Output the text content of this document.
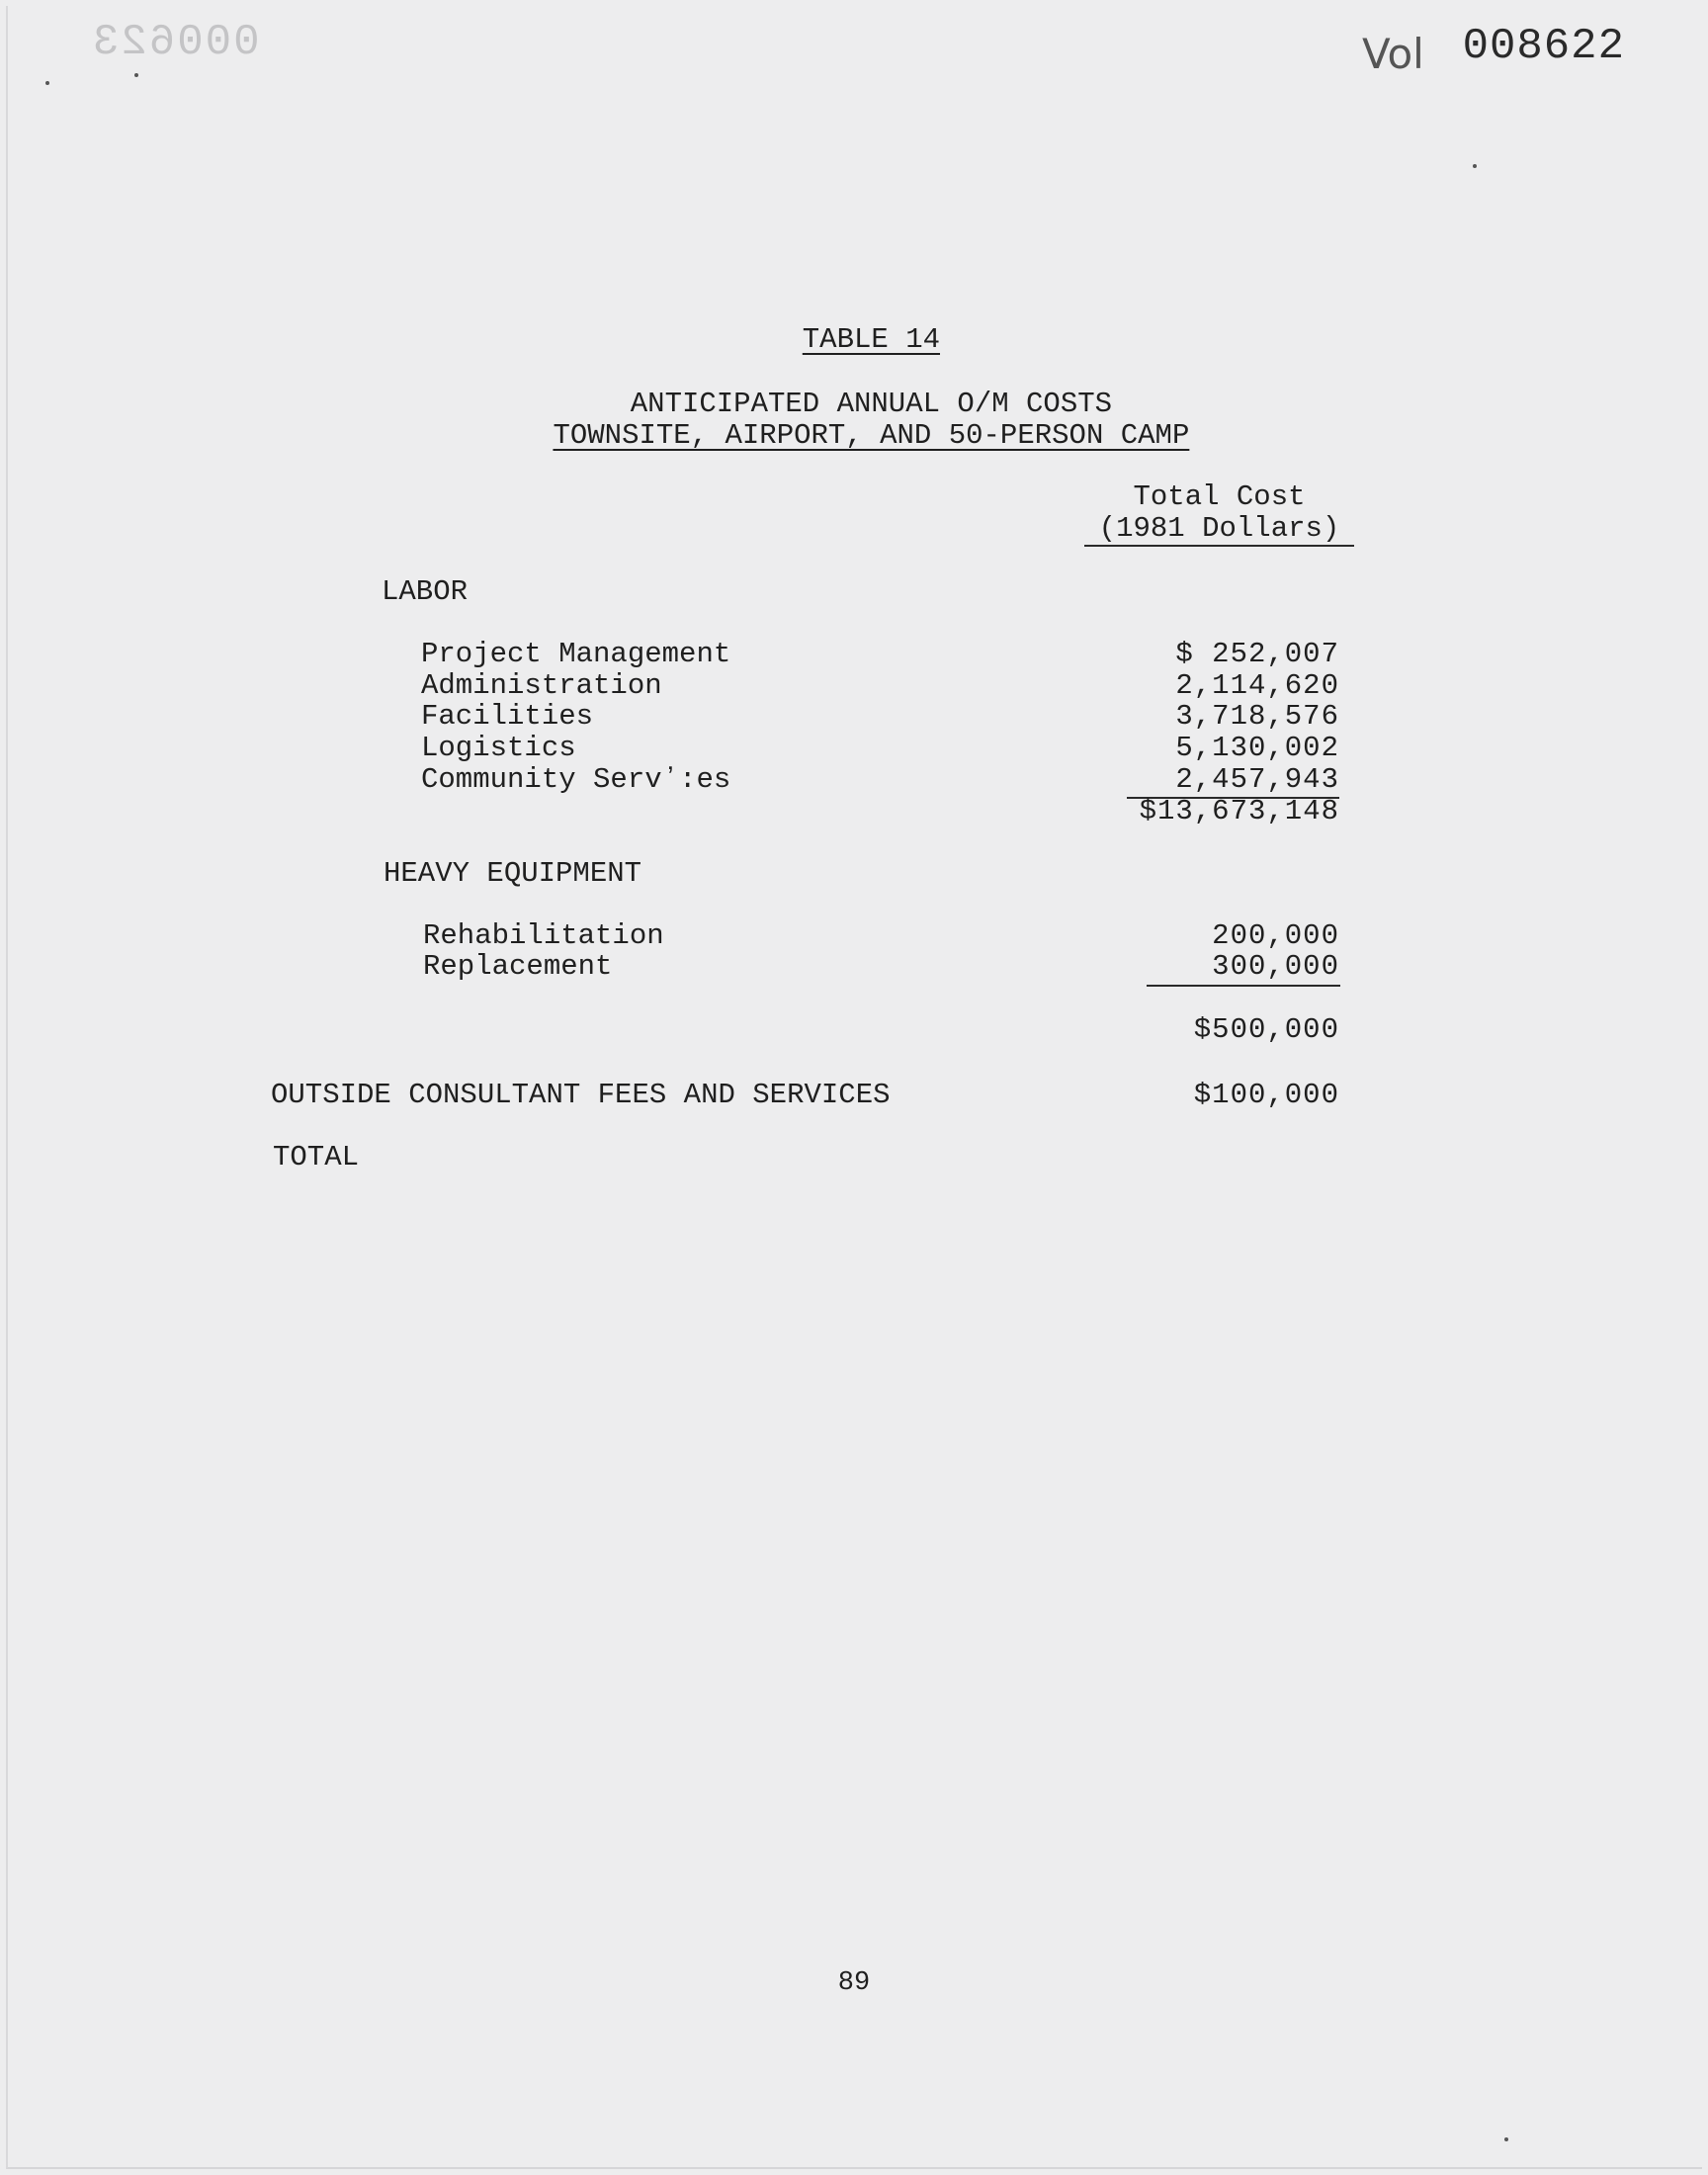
000623	Vol 008622

TABLE 14

ANTICIPATED ANNUAL O/M COSTS

TOWNSITE, AIRPORT, AND 50-PERSON CAMP

Total Cost
(1981 Dollars)
LABOR
Project Management	$ 252,007
Administration	2,114,620
Facilities	3,718,576
Logistics	5,130,002
Community Servʼ:es	2,457,943
$13,673,148
HEAVY EQUIPMENT
Rehabilitation	200,000
Replacement	300,000
$500,000
OUTSIDE CONSULTANT FEES AND SERVICES	$100,000
TOTAL
89
